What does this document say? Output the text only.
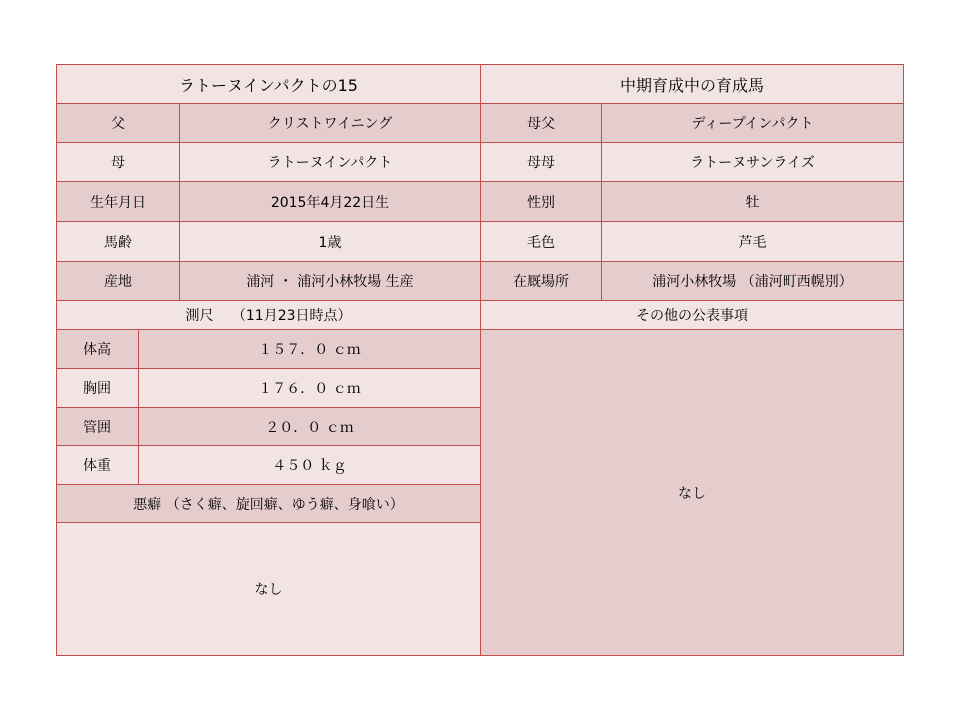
ラトーヌインパクトの15	中期育成中の育成馬
父	クリストワイニング	母父	ディープインパクト
母	ラトーヌインパクト	母母	ラトーヌサンライズ
生年月日	2015年4月22日生	性別	牡
馬齢	1歳	毛色	芦毛
産地	浦河 ・ 浦河小林牧場 生産	在厩場所	浦河小林牧場 （浦河町西幌別）
測尺　 （11月23日時点）	その他の公表事項
体高	１５７．０ ｃｍ
胸囲	１７６．０ ｃｍ
管囲	２０．０ ｃｍ
体重	４５０ ｋｇ
悪癖 （さく癖、旋回癖、ゆう癖、身喰い）
なし
なし
